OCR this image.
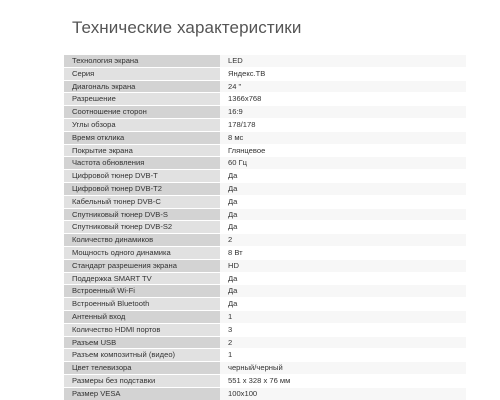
Технические характеристики
Технология экрана	LED
Серия	Яндекс.ТВ
Диагональ экрана	24 "
Разрешение	1366x768
Соотношение сторон	16:9
Углы обзора	178/178
Время отклика	8 мс
Покрытие экрана	Глянцевое
Частота обновления	60 Гц
Цифровой тюнер DVB-T	Да
Цифровой тюнер DVB-T2	Да
Кабельный тюнер DVB-C	Да
Спутниковый тюнер DVB-S	Да
Спутниковый тюнер DVB-S2	Да
Количество динамиков	2
Мощность одного динамика	8 Вт
Стандарт разрешения экрана	HD
Поддержка SMART TV	Да
Встроенный Wi-Fi	Да
Встроенный Bluetooth	Да
Антенный вход	1
Количество HDMI портов	3
Разъем USB	2
Разъем композитный (видео)	1
Цвет телевизора	черный/черный
Размеры без подставки	551 x 328 x 76 мм
Размер VESA	100x100
